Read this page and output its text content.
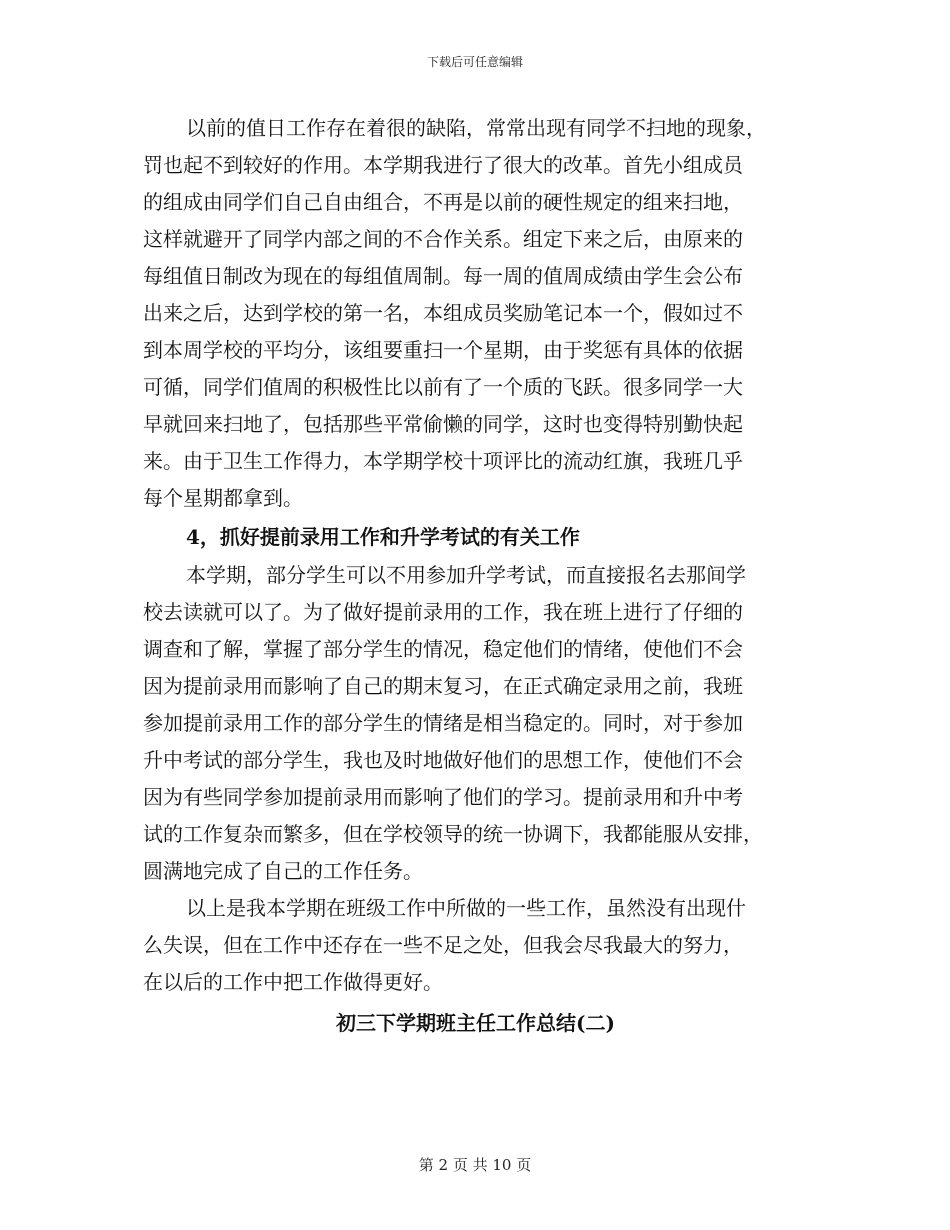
下载后可任意编辑
以前的值日工作存在着很的缺陷，常常出现有同学不扫地的现象，
罚也起不到较好的作用。本学期我进行了很大的改革。首先小组成员
的组成由同学们自己自由组合，不再是以前的硬性规定的组来扫地，
这样就避开了同学内部之间的不合作关系。组定下来之后，由原来的
每组值日制改为现在的每组值周制。每一周的值周成绩由学生会公布
出来之后，达到学校的第一名，本组成员奖励笔记本一个，假如过不
到本周学校的平均分，该组要重扫一个星期，由于奖惩有具体的依据
可循，同学们值周的积极性比以前有了一个质的飞跃。很多同学一大
早就回来扫地了，包括那些平常偷懒的同学，这时也变得特别勤快起
来。由于卫生工作得力，本学期学校十项评比的流动红旗，我班几乎
每个星期都拿到。
4，抓好提前录用工作和升学考试的有关工作
本学期，部分学生可以不用参加升学考试，而直接报名去那间学
校去读就可以了。为了做好提前录用的工作，我在班上进行了仔细的
调查和了解，掌握了部分学生的情况，稳定他们的情绪，使他们不会
因为提前录用而影响了自己的期末复习，在正式确定录用之前，我班
参加提前录用工作的部分学生的情绪是相当稳定的。同时，对于参加
升中考试的部分学生，我也及时地做好他们的思想工作，使他们不会
因为有些同学参加提前录用而影响了他们的学习。提前录用和升中考
试的工作复杂而繁多，但在学校领导的统一协调下，我都能服从安排，
圆满地完成了自己的工作任务。
以上是我本学期在班级工作中所做的一些工作，虽然没有出现什
么失误，但在工作中还存在一些不足之处，但我会尽我最大的努力，
在以后的工作中把工作做得更好。
初三下学期班主任工作总结(二)
第 2 页 共 10 页
